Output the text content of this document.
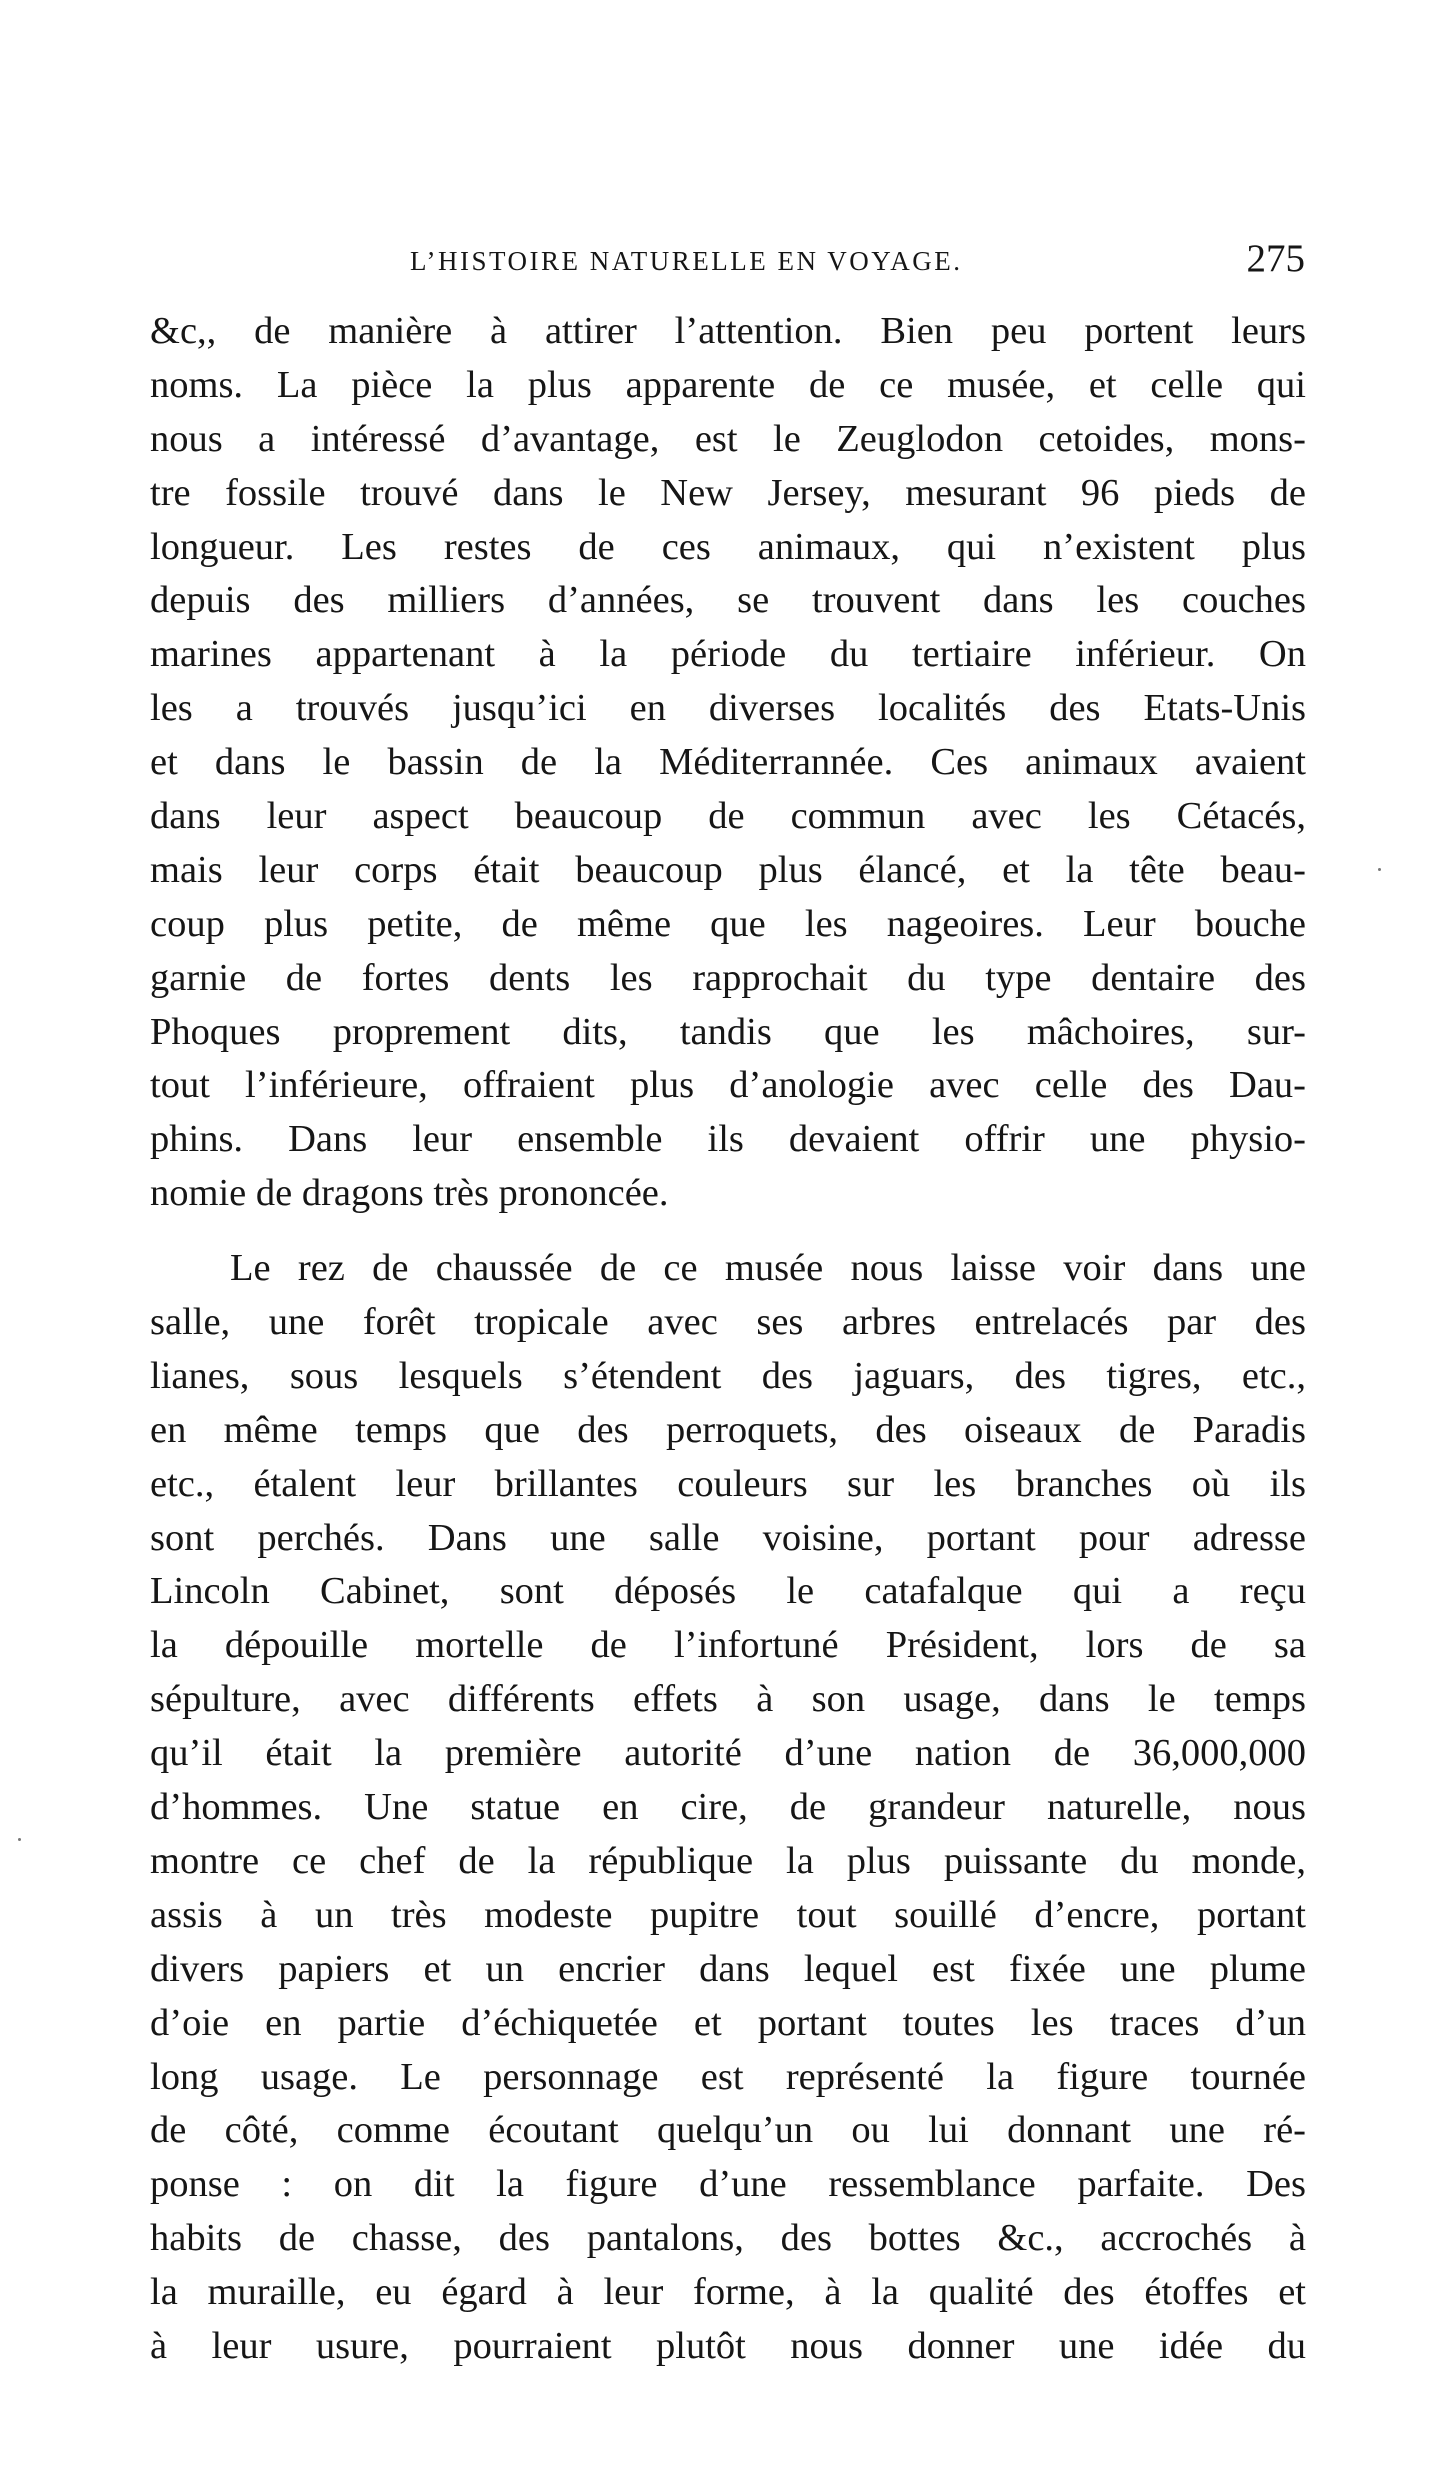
L’HISTOIRE NATURELLE EN VOYAGE.	275
&c,, de manière à attirer l’attention. Bien peu portent leurs
noms. La pièce la plus apparente de ce musée, et celle qui
nous a intéressé d’avantage, est le Zeuglodon cetoides, mons-
tre fossile trouvé dans le New Jersey, mesurant 96 pieds de
longueur. Les restes de ces animaux, qui n’existent plus
depuis des milliers d’années, se trouvent dans les couches
marines appartenant à la période du tertiaire inférieur. On
les a trouvés jusqu’ici en diverses localités des Etats-Unis
et dans le bassin de la Méditerrannée. Ces animaux avaient
dans leur aspect beaucoup de commun avec les Cétacés,
mais leur corps était beaucoup plus élancé, et la tête beau-
coup plus petite, de même que les nageoires. Leur bouche
garnie de fortes dents les rapprochait du type dentaire des
Phoques proprement dits, tandis que les mâchoires, sur-
tout l’inférieure, offraient plus d’anologie avec celle des Dau-
phins. Dans leur ensemble ils devaient offrir une physio-
nomie de dragons très prononcée.
Le rez de chaussée de ce musée nous laisse voir dans une
salle, une forêt tropicale avec ses arbres entrelacés par des
lianes, sous lesquels s’étendent des jaguars, des tigres, etc.,
en même temps que des perroquets, des oiseaux de Paradis
etc., étalent leur brillantes couleurs sur les branches où ils
sont perchés. Dans une salle voisine, portant pour adresse
Lincoln Cabinet, sont déposés le catafalque qui a reçu
la dépouille mortelle de l’infortuné Président, lors de sa
sépulture, avec différents effets à son usage, dans le temps
qu’il était la première autorité d’une nation de 36,000,000
d’hommes. Une statue en cire, de grandeur naturelle, nous
montre ce chef de la république la plus puissante du monde,
assis à un très modeste pupitre tout souillé d’encre, portant
divers papiers et un encrier dans lequel est fixée une plume
d’oie en partie d’échiquetée et portant toutes les traces d’un
long usage. Le personnage est représenté la figure tournée
de côté, comme écoutant quelqu’un ou lui donnant une ré-
ponse : on dit la figure d’une ressemblance parfaite. Des
habits de chasse, des pantalons, des bottes &c., accrochés à
la muraille, eu égard à leur forme, à la qualité des étoffes et
à leur usure, pourraient plutôt nous donner une idée du
